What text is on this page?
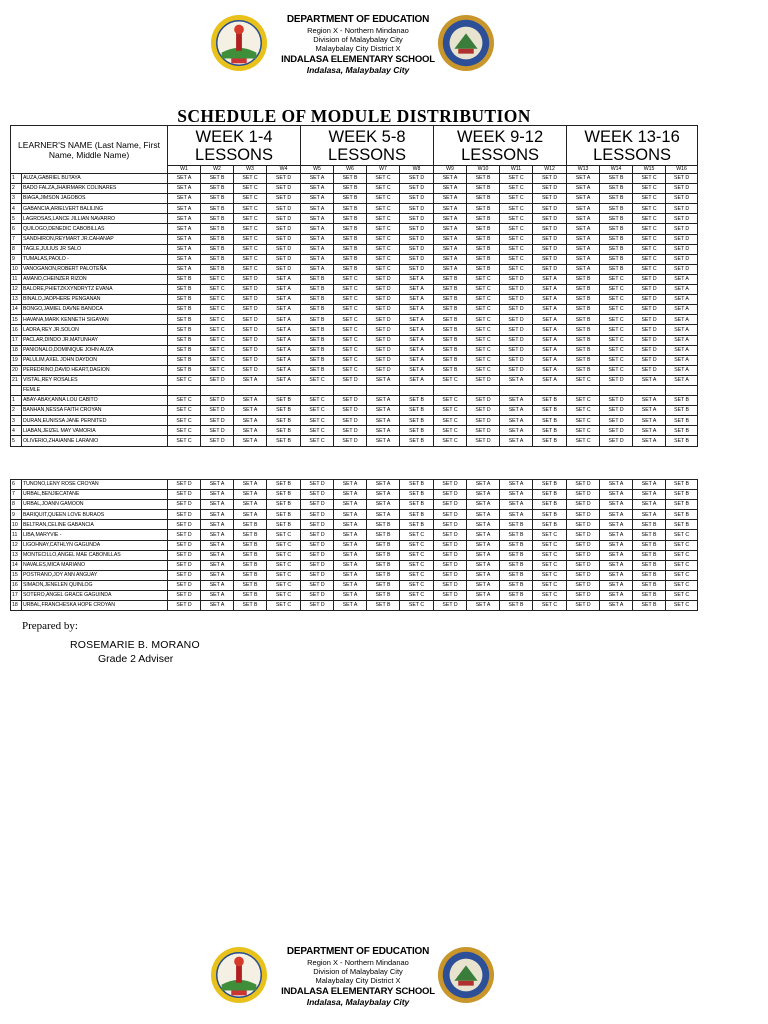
DEPARTMENT OF EDUCATION
Region X - Northern Mindanao
Division of Malaybalay City
Malaybalay City District X
INDALASA ELEMENTARY SCHOOL
Indalasa, Malaybalay City
SCHEDULE OF MODULE DISTRIBUTION
LEARNER'S NAME (Last Name, First Name, Middle Name)		WEEK 1-4 LESSONS				WEEK 5-8 LESSONS				WEEK 9-12 LESSONS				WEEK 13-16 LESSONS			
		W1	W2	W3	W4	W5	W6	W7	W8	W9	W10	W11	W12	W13	W14	W15	W16
1	AUZA,GABRIEL BUTAYA	SET A	SET B	SET C	SET D	SET A	SET B	SET C	SET D	SET A	SET B	SET C	SET D	SET A	SET B	SET C	SET D
2	BADO FALZA,JHAIRMARK COLINARES	SET A	SET B	SET C	SET D	SET A	SET B	SET C	SET D	SET A	SET B	SET C	SET D	SET A	SET B	SET C	SET D
3	BIAGA,JIMSON JAGOBOS	SET A	SET B	SET C	SET D	SET A	SET B	SET C	SET D	SET A	SET B	SET C	SET D	SET A	SET B	SET C	SET D
4	GABANCIA,ARIELVERT BALILING	SET A	SET B	SET C	SET D	SET A	SET B	SET C	SET D	SET A	SET B	SET C	SET D	SET A	SET B	SET C	SET D
5	LAGROSAS,LANCE JILLIAN NAVARRO	SET A	SET B	SET C	SET D	SET A	SET B	SET C	SET D	SET A	SET B	SET C	SET D	SET A	SET B	SET C	SET D
6	QUILOGO,DENEDIC CABOBILLAS	SET A	SET B	SET C	SET D	SET A	SET B	SET C	SET D	SET A	SET B	SET C	SET D	SET A	SET B	SET C	SET D
7	SANDHIRON,REYMART JR.CAHANAP	SET A	SET B	SET C	SET D	SET A	SET B	SET C	SET D	SET A	SET B	SET C	SET D	SET A	SET B	SET C	SET D
8	TAGLE,JULIUS JR SALO	SET A	SET B	SET C	SET D	SET A	SET B	SET C	SET D	SET A	SET B	SET C	SET D	SET A	SET B	SET C	SET D
9	TUMALAS,PAOLO -	SET A	SET B	SET C	SET D	SET A	SET B	SET C	SET D	SET A	SET B	SET C	SET D	SET A	SET B	SET C	SET D
10	VANOGANON,ROBERT PALOTEÑA	SET A	SET B	SET C	SET D	SET A	SET B	SET C	SET D	SET A	SET B	SET C	SET D	SET A	SET B	SET C	SET D
11	AMANO,CHEINZER RIZON	SET B	SET C	SET D	SET A	SET B	SET C	SET D	SET A	SET B	SET C	SET D	SET A	SET B	SET C	SET D	SET A
12	BALORE,PHIETZKXYNDRYTZ EVANA	SET B	SET C	SET D	SET A	SET B	SET C	SET D	SET A	SET B	SET C	SET D	SET A	SET B	SET C	SET D	SET A
13	BINALO,JADPHERE PENGANAN	SET B	SET C	SET D	SET A	SET B	SET C	SET D	SET A	SET B	SET C	SET D	SET A	SET B	SET C	SET D	SET A
14	BONGO,JAMIEL DAVNE BANOCA	SET B	SET C	SET D	SET A	SET B	SET C	SET D	SET A	SET B	SET C	SET D	SET A	SET B	SET C	SET D	SET A
15	HAVANA,MARK KENNETH SIGAYAN	SET B	SET C	SET D	SET A	SET B	SET C	SET D	SET A	SET B	SET C	SET D	SET A	SET B	SET C	SET D	SET A
16	LADRA,REY JR.SOLON	SET B	SET C	SET D	SET A	SET B	SET C	SET D	SET A	SET B	SET C	SET D	SET A	SET B	SET C	SET D	SET A
17	PACLAR,DINDO JR.MATUNHAY	SET B	SET C	SET D	SET A	SET B	SET C	SET D	SET A	SET B	SET C	SET D	SET A	SET B	SET C	SET D	SET A
18	PANIONALO,DOMINIQUE JOHN AUZA	SET B	SET C	SET D	SET A	SET B	SET C	SET D	SET A	SET B	SET C	SET D	SET A	SET B	SET C	SET D	SET A
19	PALULIM,AXEL JOHN DAYDON	SET B	SET C	SET D	SET A	SET B	SET C	SET D	SET A	SET B	SET C	SET D	SET A	SET B	SET C	SET D	SET A
20	PEREDRINO,DAVID HEART,DAGION	SET B	SET C	SET D	SET A	SET B	SET C	SET D	SET A	SET B	SET C	SET D	SET A	SET B	SET C	SET D	SET A
21	VISTAL,REY ROSALES	SET C	SET D	SET A	SET A	SET C	SET D	SET A	SET A	SET C	SET D	SET A	SET A	SET C	SET D	SET A	SET A
	FEMLE																
1	ABAY-ABAY,ANNA LOU CABITO	SET C	SET D	SET A	SET B	SET C	SET D	SET A	SET B	SET C	SET D	SET A	SET B	SET C	SET D	SET A	SET B
2	BANHAN,NESSA FAITH CROYAN	SET C	SET D	SET A	SET B	SET C	SET D	SET A	SET B	SET C	SET D	SET A	SET B	SET C	SET D	SET A	SET B
3	DURAN,EUNISSA JANE PERNITED	SET C	SET D	SET A	SET B	SET C	SET D	SET A	SET B	SET C	SET D	SET A	SET B	SET C	SET D	SET A	SET B
4	LIABAN,JEIZEL MAY VAMORIA	SET C	SET D	SET A	SET B	SET C	SET D	SET A	SET B	SET C	SET D	SET A	SET B	SET C	SET D	SET A	SET B
5	OLIVERIO,ZHAIANNE LARANIO	SET C	SET D	SET A	SET B	SET C	SET D	SET A	SET B	SET C	SET D	SET A	SET B	SET C	SET D	SET A	SET B
6	TUNONO,LENY ROSE CROYAN	SET D	SET A	SET A	SET B	SET D	SET A	SET A	SET B	SET D	SET A	SET A	SET B	SET D	SET A	SET A	SET B
7	URBAL,BENJIECATANE	SET D	SET A	SET A	SET B	SET D	SET A	SET A	SET B	SET D	SET A	SET A	SET B	SET D	SET A	SET A	SET B
8	URBAL,JOANN GAMOON	SET D	SET A	SET A	SET B	SET D	SET A	SET A	SET B	SET D	SET A	SET A	SET B	SET D	SET A	SET A	SET B
9	BARIQUIT,QUEEN LOVE BURAOS	SET D	SET A	SET A	SET B	SET D	SET A	SET A	SET B	SET D	SET A	SET A	SET B	SET D	SET A	SET A	SET B
10	BELTRAN,CELINE GABANCIA	SET D	SET A	SET B	SET B	SET D	SET A	SET B	SET B	SET D	SET A	SET B	SET B	SET D	SET A	SET B	SET B
11	LIBA,MARYVIE -	SET D	SET A	SET B	SET C	SET D	SET A	SET B	SET C	SET D	SET A	SET B	SET C	SET D	SET A	SET B	SET C
12	LIGOHNAY,CATHLYN GAGUNDA	SET D	SET A	SET B	SET C	SET D	SET A	SET B	SET C	SET D	SET A	SET B	SET C	SET D	SET A	SET B	SET C
13	MONTECILLO,ANGEL MAE CABONILLAS	SET D	SET A	SET B	SET C	SET D	SET A	SET B	SET C	SET D	SET A	SET B	SET C	SET D	SET A	SET B	SET C
14	NAVALES,MICA MARIANO	SET D	SET A	SET B	SET C	SET D	SET A	SET B	SET C	SET D	SET A	SET B	SET C	SET D	SET A	SET B	SET C
15	POSTRANO,JOY ANN ANGUAY	SET D	SET A	SET B	SET C	SET D	SET A	SET B	SET C	SET D	SET A	SET B	SET C	SET D	SET A	SET B	SET C
16	SIMAON,JENELEN QUINLOG	SET D	SET A	SET B	SET C	SET D	SET A	SET B	SET C	SET D	SET A	SET B	SET C	SET D	SET A	SET B	SET C
17	SOTERO,ANGEL GRACE GAGUINDA	SET D	SET A	SET B	SET C	SET D	SET A	SET B	SET C	SET D	SET A	SET B	SET C	SET D	SET A	SET B	SET C
18	URBAL,FRANCHESKA HOPE CROYAN	SET D	SET A	SET B	SET C	SET D	SET A	SET B	SET C	SET D	SET A	SET B	SET C	SET D	SET A	SET B	SET C
Prepared by:
ROSEMARIE B. MORANO
Grade 2 Adviser
DEPARTMENT OF EDUCATION
Region X - Northern Mindanao
Division of Malaybalay City
Malaybalay City District X
INDALASA ELEMENTARY SCHOOL
Indalasa, Malaybalay City
